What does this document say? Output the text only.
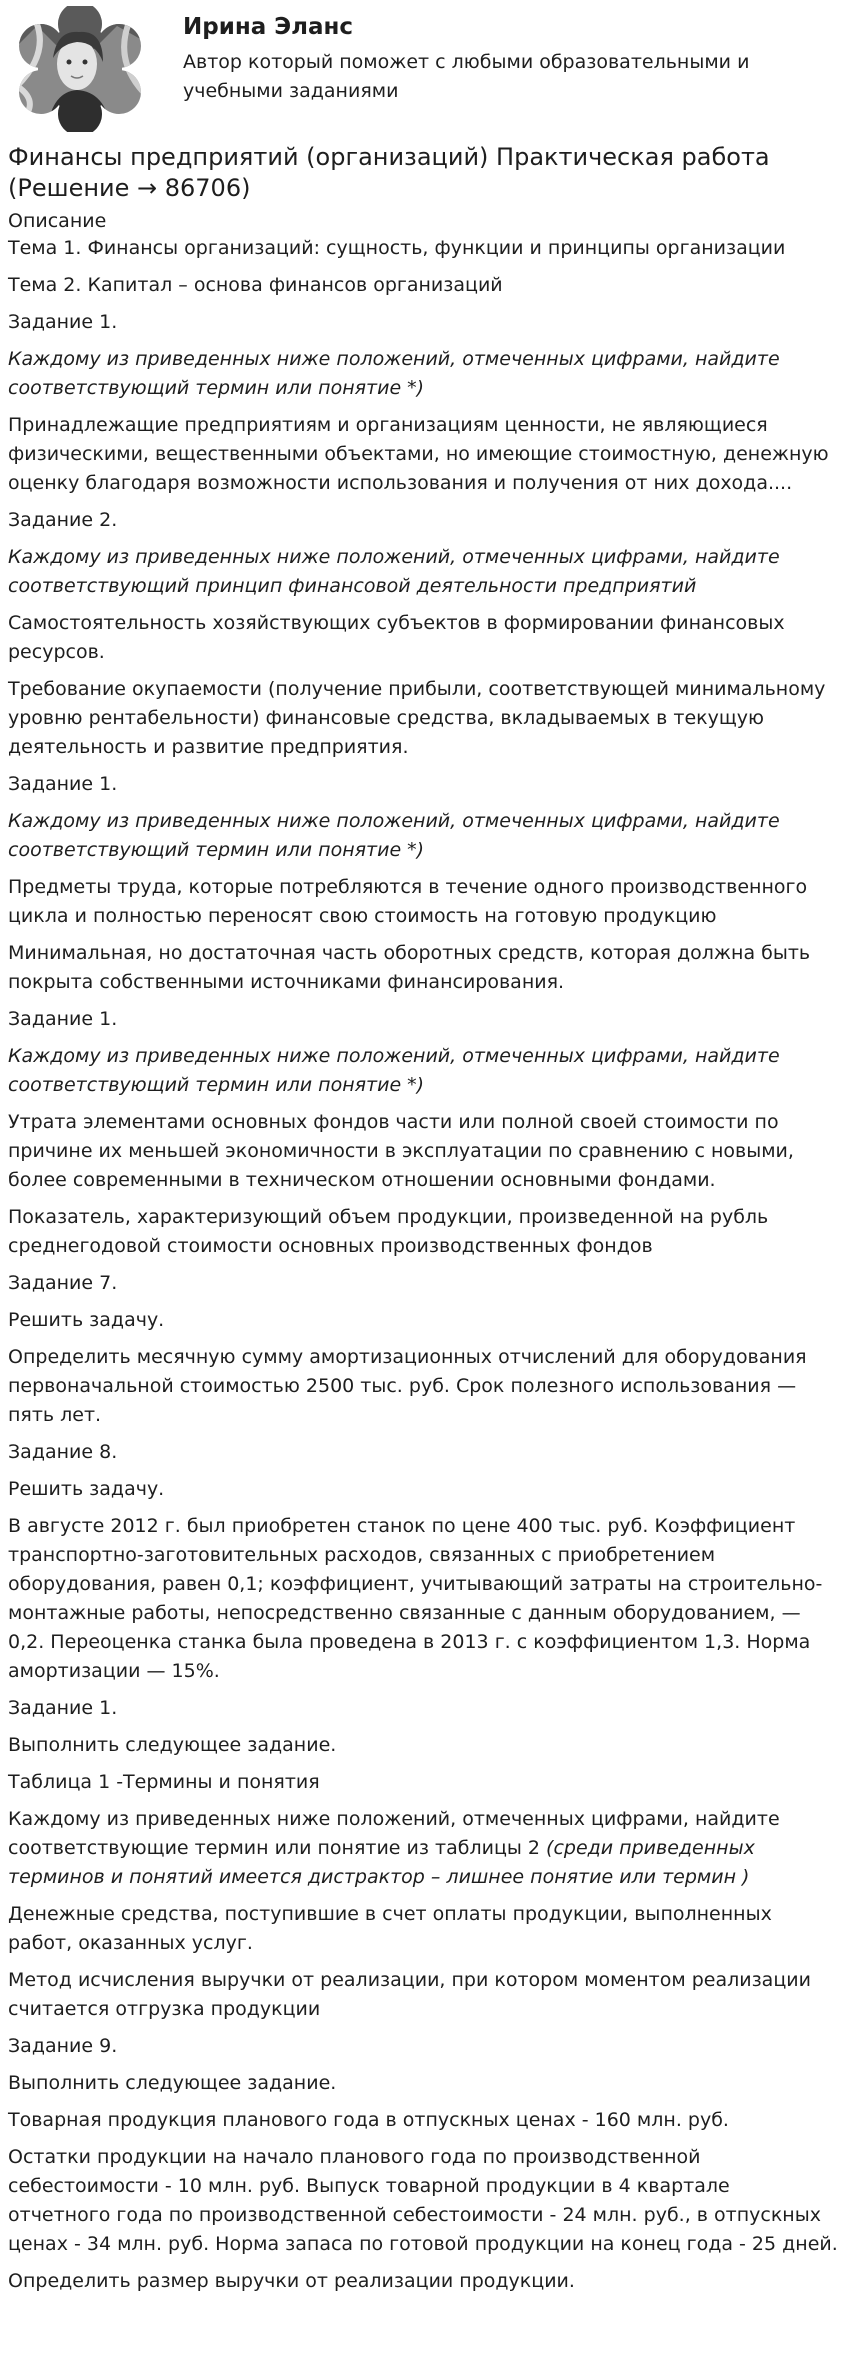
Ирина Эланс

Автор который поможет с любыми образовательными и учебными заданиями

Финансы предприятий (организаций) Практическая работа (Решение → 86706)
Описание

Тема 1. Финансы организаций: сущность, функции и принципы организации

Тема 2. Капитал – основа финансов организаций

Задание 1.

Каждому из приведенных ниже положений, отмеченных цифрами, найдите соответствующий термин или понятие *)

Принадлежащие предприятиям и организациям ценности, не являющиеся физическими, вещественными объектами, но имеющие стоимостную, денежную оценку благодаря возможности использования и получения от них дохода....

Задание 2.

Каждому из приведенных ниже положений, отмеченных цифрами, найдите соответствующий принцип финансовой деятельности предприятий

Самостоятельность хозяйствующих субъектов в формировании финансовых ресурсов.

Требование окупаемости (получение прибыли, соответствующей минимальному уровню рентабельности) финансовые средства, вкладываемых в текущую деятельность и развитие предприятия.

Задание 1.

Каждому из приведенных ниже положений, отмеченных цифрами, найдите соответствующий термин или понятие *)

Предметы труда, которые потребляются в течение одного производственного цикла и полностью переносят свою стоимость на готовую продукцию

Минимальная, но достаточная часть оборотных средств, которая должна быть покрыта собственными источниками финансирования.

Задание 1.

Каждому из приведенных ниже положений, отмеченных цифрами, найдите соответствующий термин или понятие *)

Утрата элементами основных фондов части или полной своей стоимости по причине их меньшей экономичности в эксплуатации по сравнению с новыми, более современными в техническом отношении основными фондами.

Показатель, характеризующий объем продукции, произведенной на рубль среднегодовой стоимости основных производственных фондов

Задание 7.

Решить задачу.

Определить месячную сумму амортизационных отчислений для оборудования первоначальной стоимостью 2500 тыс. руб. Срок полезного использования — пять лет.

Задание 8.

Решить задачу.

В августе 2012 г. был приобретен станок по цене 400 тыс. руб. Коэффициент транспортно-заготовительных расходов, связанных с приобретением оборудования, равен 0,1; коэффициент, учитывающий затраты на строительно-монтажные работы, непосредственно связанные с данным оборудованием, — 0,2. Переоценка станка была проведена в 2013 г. с коэффициентом 1,3. Норма амортизации — 15%.

Задание 1.

Выполнить следующее задание.

Таблица 1 -Термины и понятия

Каждому из приведенных ниже положений, отмеченных цифрами, найдите соответствующие термин или понятие из таблицы 2 (среди приведенных терминов и понятий имеется дистрактор – лишнее понятие или термин )

Денежные средства, поступившие в счет оплаты продукции, выполненных работ, оказанных услуг.

Метод исчисления выручки от реализации, при котором моментом реализации считается отгрузка продукции

Задание 9.

Выполнить следующее задание.

Товарная продукция планового года в отпускных ценах - 160 млн. руб.

Остатки продукции на начало планового года по производственной себестоимости - 10 млн. руб. Выпуск товарной продукции в 4 квартале отчетного года по производственной себестоимости - 24 млн. руб., в отпускных ценах - 34 млн. руб. Норма запаса по готовой продукции на конец года - 25 дней.

Определить размер выручки от реализации продукции.
